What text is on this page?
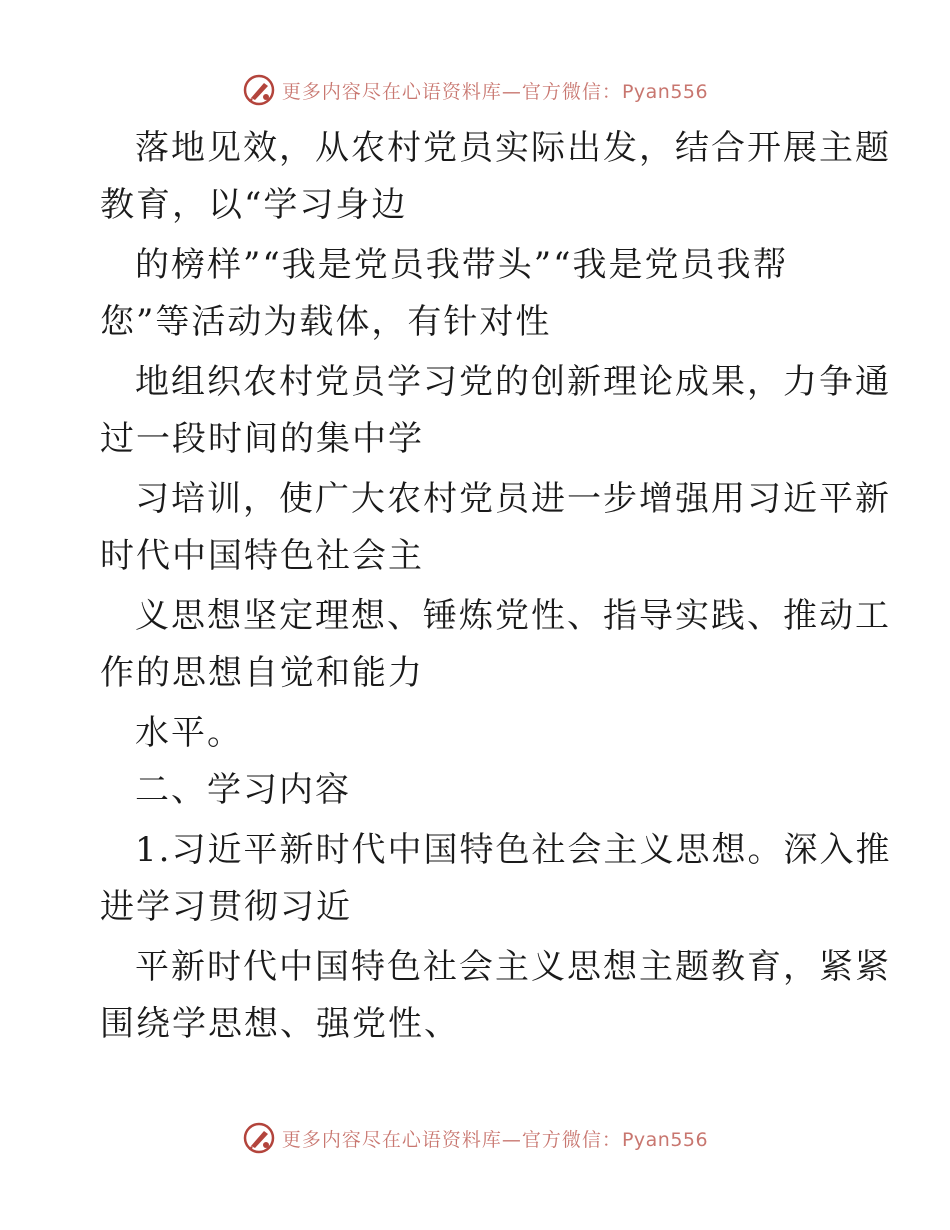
更多内容尽在心语资料库—官方微信：Pyan556
落地见效，从农村党员实际出发，结合开展主题
教育，以“学习身边
的榜样”“我是党员我带头”“我是党员我帮
您”等活动为载体，有针对性
地组织农村党员学习党的创新理论成果，力争通
过一段时间的集中学
习培训，使广大农村党员进一步增强用习近平新
时代中国特色社会主
义思想坚定理想、锤炼党性、指导实践、推动工
作的思想自觉和能力
水平。
二、学习内容
1.习近平新时代中国特色社会主义思想。深入推
进学习贯彻习近
平新时代中国特色社会主义思想主题教育，紧紧
围绕学思想、强党性、
更多内容尽在心语资料库—官方微信：Pyan556
